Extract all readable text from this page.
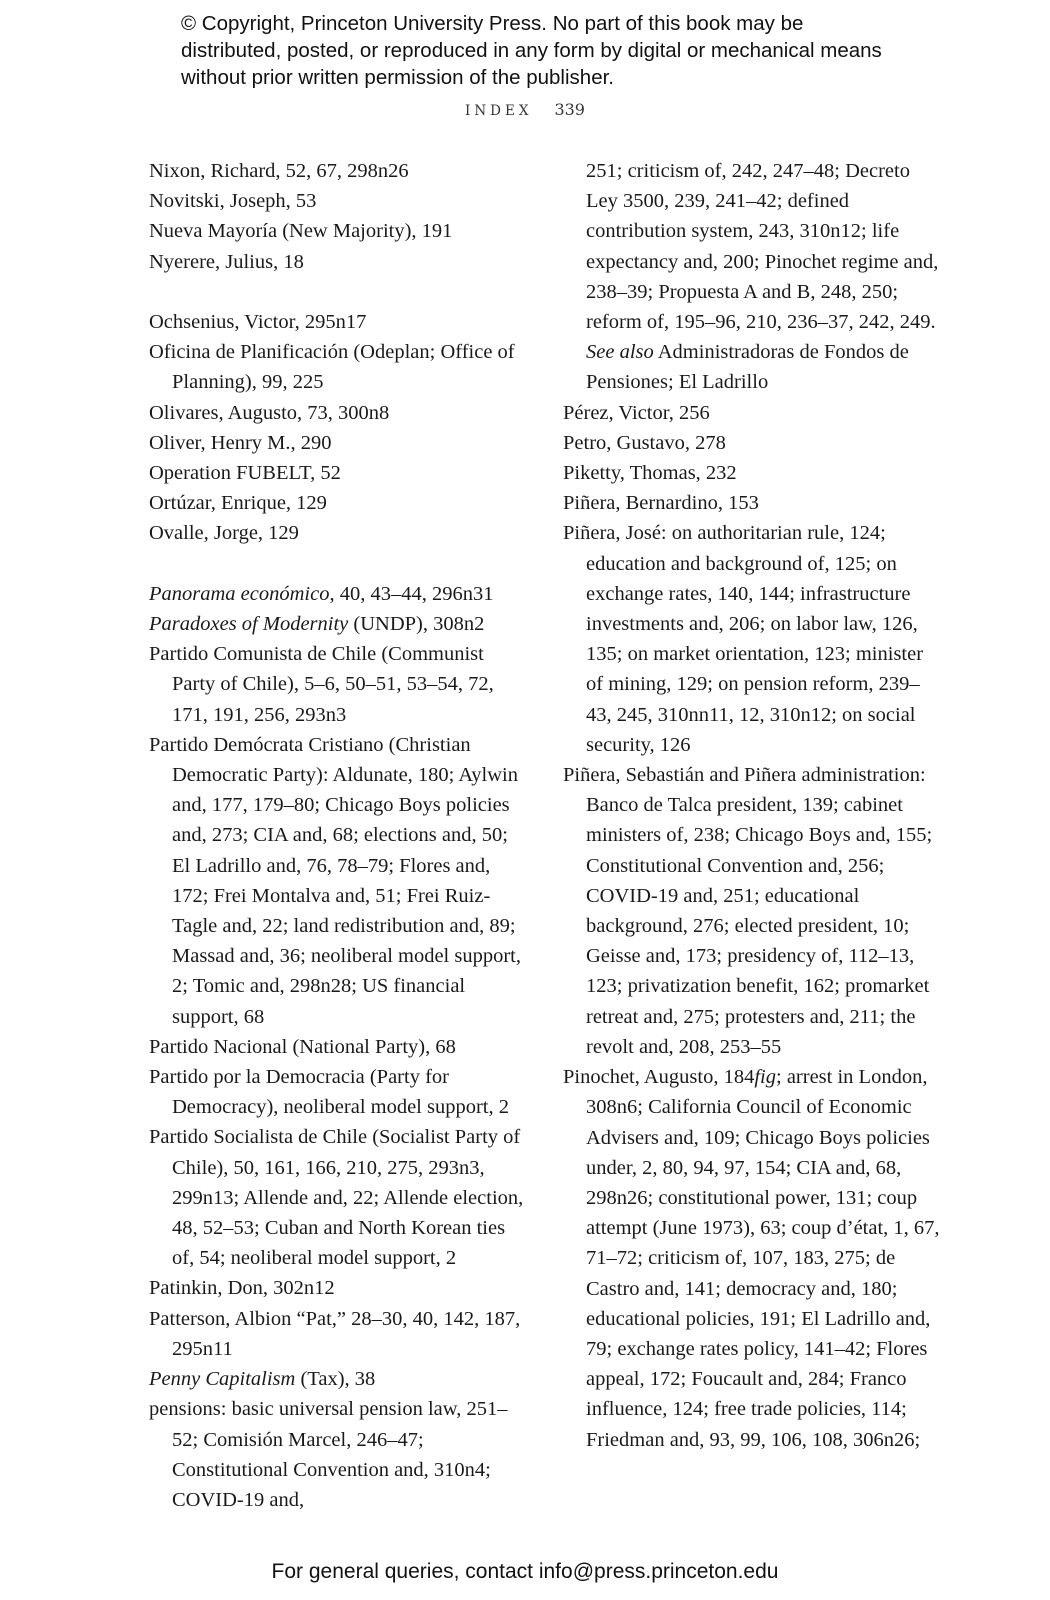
© Copyright, Princeton University Press. No part of this book may be distributed, posted, or reproduced in any form by digital or mechanical means without prior written permission of the publisher.

INDEX 339

Nixon, Richard, 52, 67, 298n26

Novitski, Joseph, 53

Nueva Mayoría (New Majority), 191

Nyerere, Julius, 18

Ochsenius, Victor, 295n17

Oficina de Planificación (Odeplan; Office of Planning), 99, 225

Olivares, Augusto, 73, 300n8

Oliver, Henry M., 290

Operation FUBELT, 52

Ortúzar, Enrique, 129

Ovalle, Jorge, 129

Panorama económico, 40, 43–44, 296n31

Paradoxes of Modernity (UNDP), 308n2

Partido Comunista de Chile (Communist Party of Chile), 5–6, 50–51, 53–54, 72, 171, 191, 256, 293n3

Partido Demócrata Cristiano (Christian Democratic Party): Aldunate, 180; Aylwin and, 177, 179–80; Chicago Boys policies and, 273; CIA and, 68; elections and, 50; El Ladrillo and, 76, 78–79; Flores and, 172; Frei Montalva and, 51; Frei Ruiz-Tagle and, 22; land redistribution and, 89; Massad and, 36; neoliberal model support, 2; Tomic and, 298n28; US financial support, 68

Partido Nacional (National Party), 68

Partido por la Democracia (Party for Democracy), neoliberal model support, 2

Partido Socialista de Chile (Socialist Party of Chile), 50, 161, 166, 210, 275, 293n3, 299n13; Allende and, 22; Allende election, 48, 52–53; Cuban and North Korean ties of, 54; neoliberal model support, 2

Patinkin, Don, 302n12

Patterson, Albion “Pat,” 28–30, 40, 142, 187, 295n11

Penny Capitalism (Tax), 38

pensions: basic universal pension law, 251–52; Comisión Marcel, 246–47; Constitutional Convention and, 310n4; COVID-19 and,

251; criticism of, 242, 247–48; Decreto Ley 3500, 239, 241–42; defined contribution system, 243, 310n12; life expectancy and, 200; Pinochet regime and, 238–39; Propuesta A and B, 248, 250; reform of, 195–96, 210, 236–37, 242, 249. See also Administradoras de Fondos de Pensiones; El Ladrillo

Pérez, Victor, 256

Petro, Gustavo, 278

Piketty, Thomas, 232

Piñera, Bernardino, 153

Piñera, José: on authoritarian rule, 124; education and background of, 125; on exchange rates, 140, 144; infrastructure investments and, 206; on labor law, 126, 135; on market orientation, 123; minister of mining, 129; on pension reform, 239–43, 245, 310nn11, 12, 310n12; on social security, 126

Piñera, Sebastián and Piñera administration: Banco de Talca president, 139; cabinet ministers of, 238; Chicago Boys and, 155; Constitutional Convention and, 256; COVID-19 and, 251; educational background, 276; elected president, 10; Geisse and, 173; presidency of, 112–13, 123; privatization benefit, 162; promarket retreat and, 275; protesters and, 211; the revolt and, 208, 253–55

Pinochet, Augusto, 184fig; arrest in London, 308n6; California Council of Economic Advisers and, 109; Chicago Boys policies under, 2, 80, 94, 97, 154; CIA and, 68, 298n26; constitutional power, 131; coup attempt (June 1973), 63; coup d’état, 1, 67, 71–72; criticism of, 107, 183, 275; de Castro and, 141; democracy and, 180; educational policies, 191; El Ladrillo and, 79; exchange rates policy, 141–42; Flores appeal, 172; Foucault and, 284; Franco influence, 124; free trade policies, 114; Friedman and, 93, 99, 106, 108, 306n26;

For general queries, contact info@press.princeton.edu
